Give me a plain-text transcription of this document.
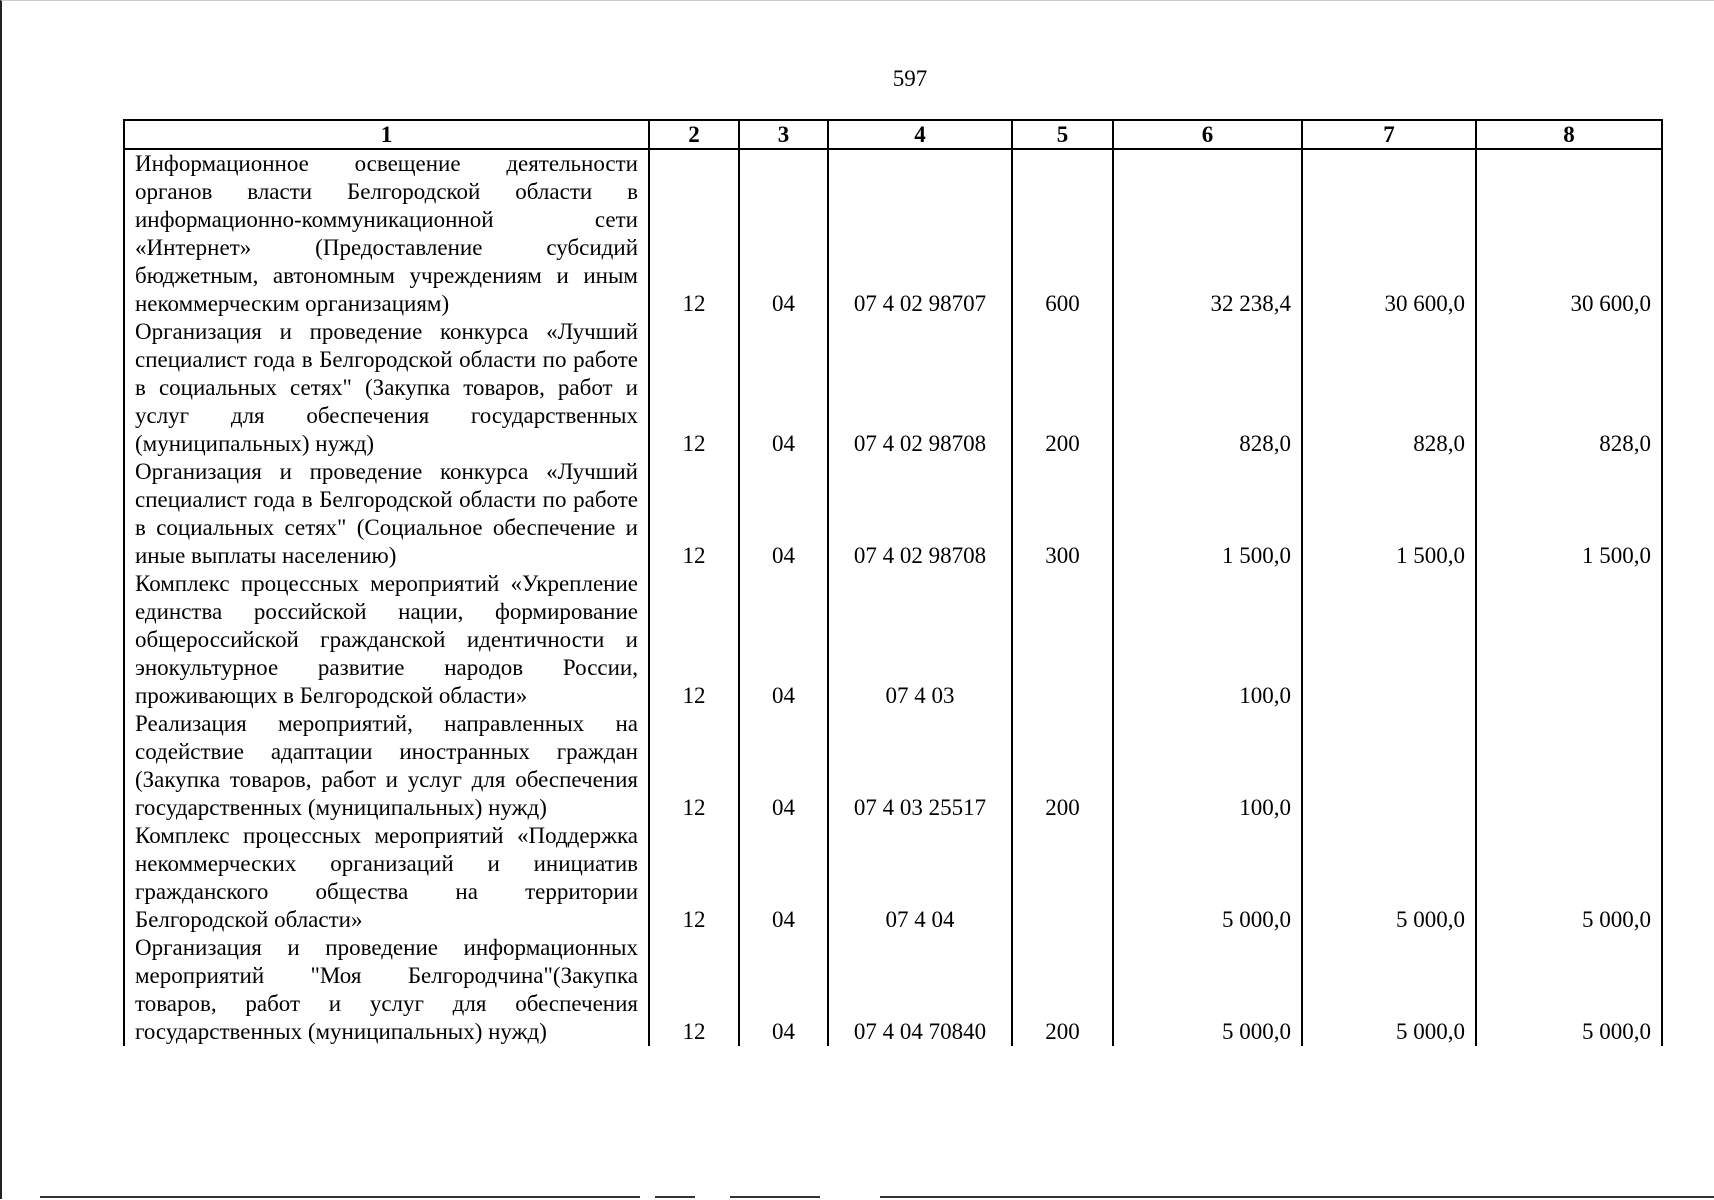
597
1	2	3	4	5	6	7	8
Информационное освещение деятельности органов власти Белгородской области в информационно-коммуникационной сети «Интернет» (Предоставление субсидий бюджетным, автономным учреждениям и иным некоммерческим организациям)	12	04	07 4 02 98707	600	32 238,4	30 600,0	30 600,0
Организация и проведение конкурса «Лучший специалист года в Белгородской области по работе в социальных сетях" (Закупка товаров, работ и услуг для обеспечения государственных (муниципальных) нужд)	12	04	07 4 02 98708	200	828,0	828,0	828,0
Организация и проведение конкурса «Лучший специалист года в Белгородской области по работе в социальных сетях" (Социальное обеспечение и иные выплаты населению)	12	04	07 4 02 98708	300	1 500,0	1 500,0	1 500,0
Комплекс процессных мероприятий «Укрепление единства российской нации, формирование общероссийской гражданской идентичности и энокультурное развитие народов России, проживающих в Белгородской области»	12	04	07 4 03		100,0		
Реализация мероприятий, направленных на содействие адаптации иностранных граждан (Закупка товаров, работ и услуг для обеспечения государственных (муниципальных) нужд)	12	04	07 4 03 25517	200	100,0		
Комплекс процессных мероприятий «Поддержка некоммерческих организаций и инициатив гражданского общества на территории Белгородской области»	12	04	07 4 04		5 000,0	5 000,0	5 000,0
Организация и проведение информационных мероприятий "Моя Белгородчина"(Закупка товаров, работ и услуг для обеспечения государственных (муниципальных) нужд)	12	04	07 4 04 70840	200	5 000,0	5 000,0	5 000,0
